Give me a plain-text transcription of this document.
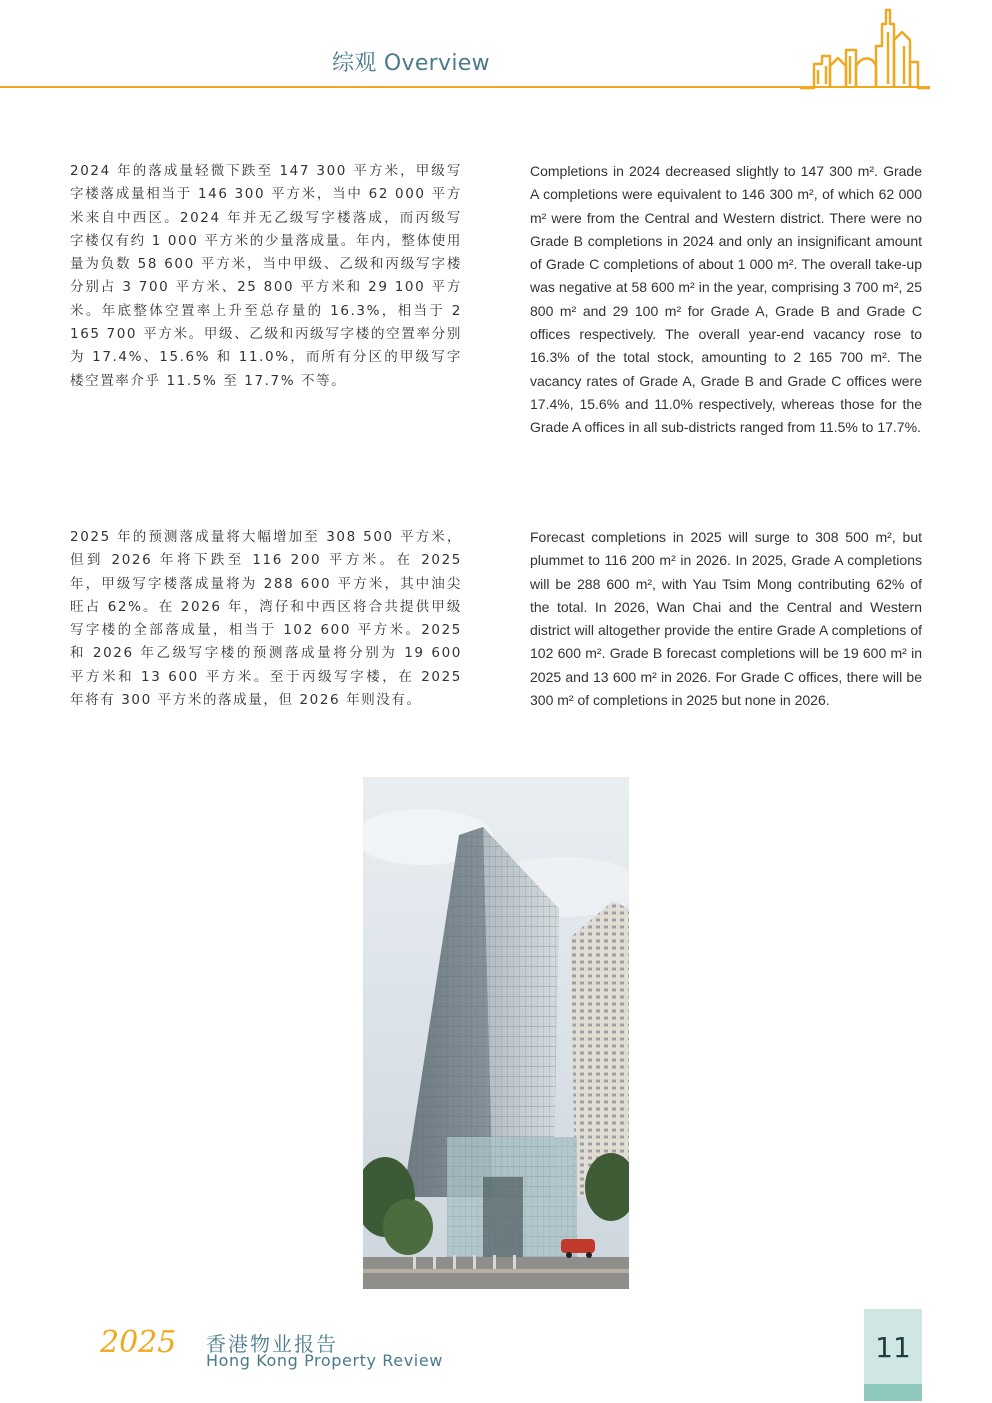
综观 Overview
2024 年的落成量轻微下跌至 147 300 平方米，甲级写字楼落成量相当于 146 300 平方米，当中 62 000 平方米来自中西区。2024 年并无乙级写字楼落成，而丙级写字楼仅有约 1 000 平方米的少量落成量。年内，整体使用量为负数 58 600 平方米，当中甲级、乙级和丙级写字楼分别占 3 700 平方米、25 800 平方米和 29 100 平方米。年底整体空置率上升至总存量的 16.3%，相当于 2 165 700 平方米。甲级、乙级和丙级写字楼的空置率分别为 17.4%、15.6% 和 11.0%，而所有分区的甲级写字楼空置率介乎 11.5% 至 17.7% 不等。
Completions in 2024 decreased slightly to 147 300 m². Grade A completions were equivalent to 146 300 m², of which 62 000 m² were from the Central and Western district. There were no Grade B completions in 2024 and only an insignificant amount of Grade C completions of about 1 000 m². The overall take-up was negative at 58 600 m² in the year, comprising 3 700 m², 25 800 m² and 29 100 m² for Grade A, Grade B and Grade C offices respectively. The overall year-end vacancy rose to 16.3% of the total stock, amounting to 2 165 700 m². The vacancy rates of Grade A, Grade B and Grade C offices were 17.4%, 15.6% and 11.0% respectively, whereas those for the Grade A offices in all sub-districts ranged from 11.5% to 17.7%.
2025 年的预测落成量将大幅增加至 308 500 平方米，但到 2026 年将下跌至 116 200 平方米。在 2025 年，甲级写字楼落成量将为 288 600 平方米，其中油尖旺占 62%。在 2026 年，湾仔和中西区将合共提供甲级写字楼的全部落成量，相当于 102 600 平方米。2025 和 2026 年乙级写字楼的预测落成量将分别为 19 600 平方米和 13 600 平方米。至于丙级写字楼，在 2025 年将有 300 平方米的落成量，但 2026 年则没有。
Forecast completions in 2025 will surge to 308 500 m², but plummet to 116 200 m² in 2026. In 2025, Grade A completions will be 288 600 m², with Yau Tsim Mong contributing 62% of the total. In 2026, Wan Chai and the Central and Western district will altogether provide the entire Grade A completions of 102 600 m². Grade B forecast completions will be 19 600 m² in 2025 and 13 600 m² in 2026. For Grade C offices, there will be 300 m² of completions in 2025 but none in 2026.
2025 香港物业报告
Hong Kong Property Review	11
